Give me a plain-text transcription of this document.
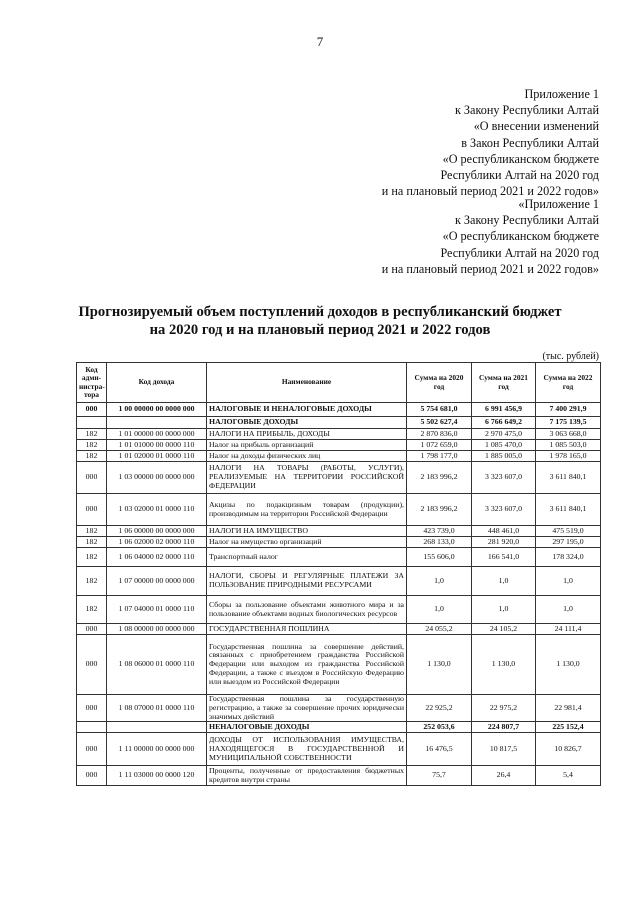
7
Приложение 1
к Закону Республики Алтай
«О внесении изменений
в Закон Республики Алтай
«О республиканском бюджете
Республики Алтай на 2020 год
и на плановый период 2021 и 2022 годов»
«Приложение 1
к Закону Республики Алтай
«О республиканском бюджете
Республики Алтай на 2020 год
и на плановый период 2021 и 2022 годов»
Прогнозируемый объем поступлений доходов в республиканский бюджет
на 2020 год и на плановый период 2021 и 2022 годов
(тыс. рублей)
Код адми-нистра-тора	Код дохода	Наименование	Сумма на 2020 год	Сумма на 2021 год	Сумма на 2022 год
000	1 00 00000 00 0000 000	НАЛОГОВЫЕ И НЕНАЛОГОВЫЕ ДОХОДЫ	5 754 681,0	6 991 456,9	7 400 291,9
		НАЛОГОВЫЕ ДОХОДЫ	5 502 627,4	6 766 649,2	7 175 139,5
182	1 01 00000 00 0000 000	НАЛОГИ НА ПРИБЫЛЬ, ДОХОДЫ	2 870 836,0	2 970 475,0	3 063 668,0
182	1 01 01000 00 0000 110	Налог на прибыль организаций	1 072 659,0	1 085 470,0	1 085 503,0
182	1 01 02000 01 0000 110	Налог на доходы физических лиц	1 798 177,0	1 885 005,0	1 978 165,0
000	1 03 00000 00 0000 000	НАЛОГИ НА ТОВАРЫ (РАБОТЫ, УСЛУГИ), РЕАЛИЗУЕМЫЕ НА ТЕРРИТОРИИ РОССИЙСКОЙ ФЕДЕРАЦИИ	2 183 996,2	3 323 607,0	3 611 840,1
000	1 03 02000 01 0000 110	Акцизы по подакцизным товарам (продукции), производимым на территории Российской Федерации	2 183 996,2	3 323 607,0	3 611 840,1
182	1 06 00000 00 0000 000	НАЛОГИ НА ИМУЩЕСТВО	423 739,0	448 461,0	475 519,0
182	1 06 02000 02 0000 110	Налог на имущество организаций	268 133,0	281 920,0	297 195,0
182	1 06 04000 02 0000 110	Транспортный налог	155 606,0	166 541,0	178 324,0
182	1 07 00000 00 0000 000	НАЛОГИ, СБОРЫ И РЕГУЛЯРНЫЕ ПЛАТЕЖИ ЗА ПОЛЬЗОВАНИЕ ПРИРОДНЫМИ РЕСУРСАМИ	1,0	1,0	1,0
182	1 07 04000 01 0000 110	Сборы за пользование объектами животного мира и за пользование объектами водных биологических ресурсов	1,0	1,0	1,0
000	1 08 00000 00 0000 000	ГОСУДАРСТВЕННАЯ ПОШЛИНА	24 055,2	24 105,2	24 111,4
000	1 08 06000 01 0000 110	Государственная пошлина за совершение действий, связанных с приобретением гражданства Российской Федерации или выходом из гражданства Российской Федерации, а также с въездом в Российскую Федерацию или выездом из Российской Федерации	1 130,0	1 130,0	1 130,0
000	1 08 07000 01 0000 110	Государственная пошлина за государственную регистрацию, а также за совершение прочих юридически значимых действий	22 925,2	22 975,2	22 981,4
		НЕНАЛОГОВЫЕ ДОХОДЫ	252 053,6	224 807,7	225 152,4
000	1 11 00000 00 0000 000	ДОХОДЫ ОТ ИСПОЛЬЗОВАНИЯ ИМУЩЕСТВА, НАХОДЯЩЕГОСЯ В ГОСУДАРСТВЕННОЙ И МУНИЦИПАЛЬНОЙ СОБСТВЕННОСТИ	16 476,5	10 817,5	10 826,7
000	1 11 03000 00 0000 120	Проценты, полученные от предоставления бюджетных кредитов внутри страны	75,7	26,4	5,4
